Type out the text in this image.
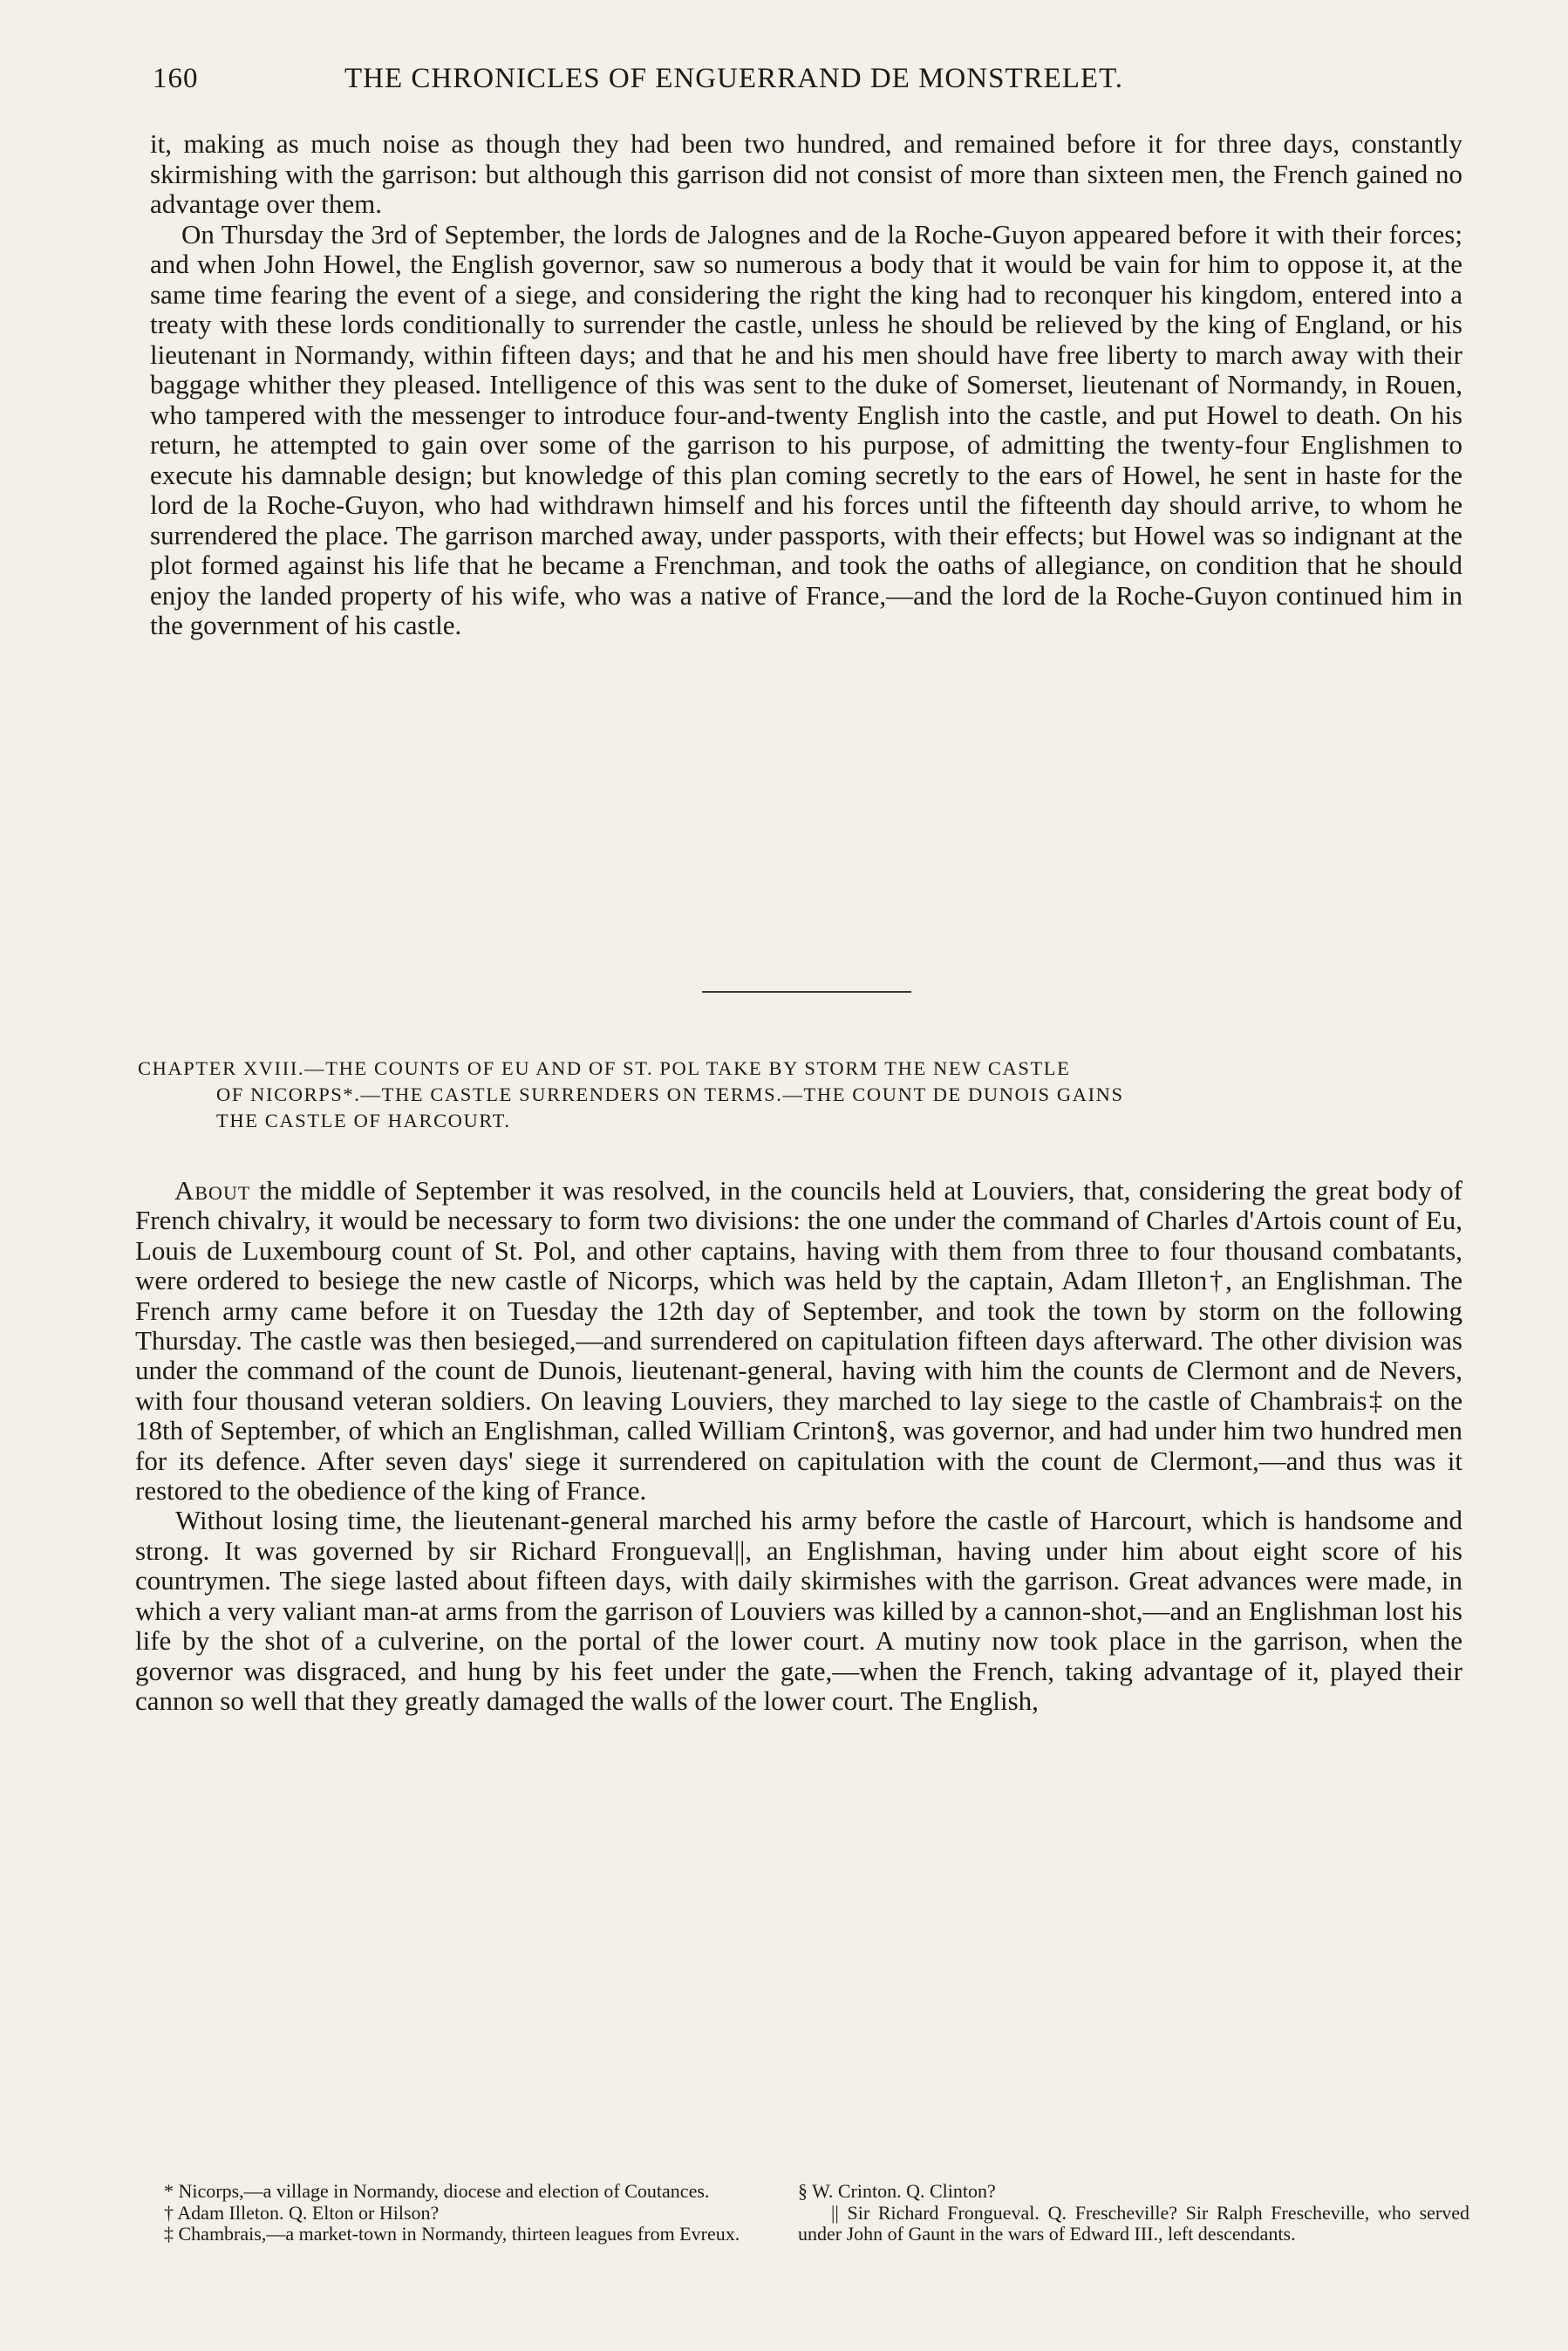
160	THE CHRONICLES OF ENGUERRAND DE MONSTRELET.

it, making as much noise as though they had been two hundred, and remained before it for three days, constantly skirmishing with the garrison: but although this garrison did not consist of more than sixteen men, the French gained no advantage over them.

On Thursday the 3rd of September, the lords de Jalognes and de la Roche-Guyon appeared before it with their forces; and when John Howel, the English governor, saw so numerous a body that it would be vain for him to oppose it, at the same time fearing the event of a siege, and considering the right the king had to reconquer his kingdom, entered into a treaty with these lords conditionally to surrender the castle, unless he should be relieved by the king of England, or his lieutenant in Normandy, within fifteen days; and that he and his men should have free liberty to march away with their baggage whither they pleased. Intelligence of this was sent to the duke of Somerset, lieutenant of Normandy, in Rouen, who tampered with the messenger to introduce four-and-twenty English into the castle, and put Howel to death. On his return, he attempted to gain over some of the garrison to his purpose, of admitting the twenty-four Englishmen to execute his damnable design; but knowledge of this plan coming secretly to the ears of Howel, he sent in haste for the lord de la Roche-Guyon, who had withdrawn himself and his forces until the fifteenth day should arrive, to whom he surrendered the place. The garrison marched away, under passports, with their effects; but Howel was so indignant at the plot formed against his life that he became a Frenchman, and took the oaths of allegiance, on condition that he should enjoy the landed property of his wife, who was a native of France,—and the lord de la Roche-Guyon continued him in the government of his castle.

CHAPTER XVIII.—THE COUNTS OF EU AND OF ST. POL TAKE BY STORM THE NEW CASTLE
OF NICORPS*.—THE CASTLE SURRENDERS ON TERMS.—THE COUNT DE DUNOIS GAINS
THE CASTLE OF HARCOURT.

About the middle of September it was resolved, in the councils held at Louviers, that, considering the great body of French chivalry, it would be necessary to form two divisions: the one under the command of Charles d'Artois count of Eu, Louis de Luxembourg count of St. Pol, and other captains, having with them from three to four thousand combatants, were ordered to besiege the new castle of Nicorps, which was held by the captain, Adam Illeton†, an Englishman. The French army came before it on Tuesday the 12th day of September, and took the town by storm on the following Thursday. The castle was then besieged,—and surrendered on capitulation fifteen days afterward. The other division was under the command of the count de Dunois, lieutenant-general, having with him the counts de Clermont and de Nevers, with four thousand veteran soldiers. On leaving Louviers, they marched to lay siege to the castle of Chambrais‡ on the 18th of September, of which an Englishman, called William Crinton§, was governor, and had under him two hundred men for its defence. After seven days' siege it surrendered on capitulation with the count de Clermont,—and thus was it restored to the obedience of the king of France.

Without losing time, the lieutenant-general marched his army before the castle of Harcourt, which is handsome and strong. It was governed by sir Richard Frongueval||, an Englishman, having under him about eight score of his countrymen. The siege lasted about fifteen days, with daily skirmishes with the garrison. Great advances were made, in which a very valiant man-at arms from the garrison of Louviers was killed by a cannon-shot,—and an Englishman lost his life by the shot of a culverine, on the portal of the lower court. A mutiny now took place in the garrison, when the governor was disgraced, and hung by his feet under the gate,—when the French, taking advantage of it, played their cannon so well that they greatly damaged the walls of the lower court. The English,

* Nicorps,—a village in Normandy, diocese and election of Coutances.
† Adam Illeton. Q. Elton or Hilson?
‡ Chambrais,—a market-town in Normandy, thirteen leagues from Evreux.
§ W. Crinton. Q. Clinton?
|| Sir Richard Frongueval. Q. Frescheville? Sir Ralph Frescheville, who served under John of Gaunt in the wars of Edward III., left descendants.
